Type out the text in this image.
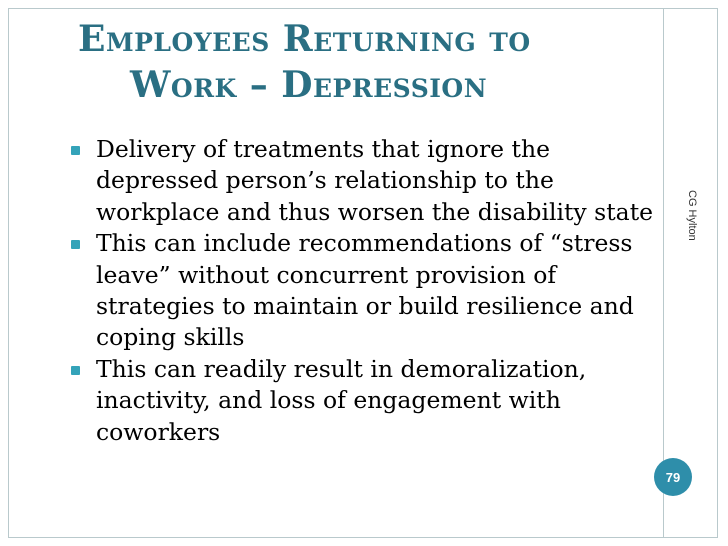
Employees Returning to
Work – Depression
Delivery of treatments that ignore the depressed person’s relationship to the workplace and thus worsen the disability state
This can include recommendations of “stress leave” without concurrent provision of strategies to maintain or build resilience and coping skills
This can readily result in demoralization, inactivity, and loss of engagement with coworkers
CG Hylton
79
